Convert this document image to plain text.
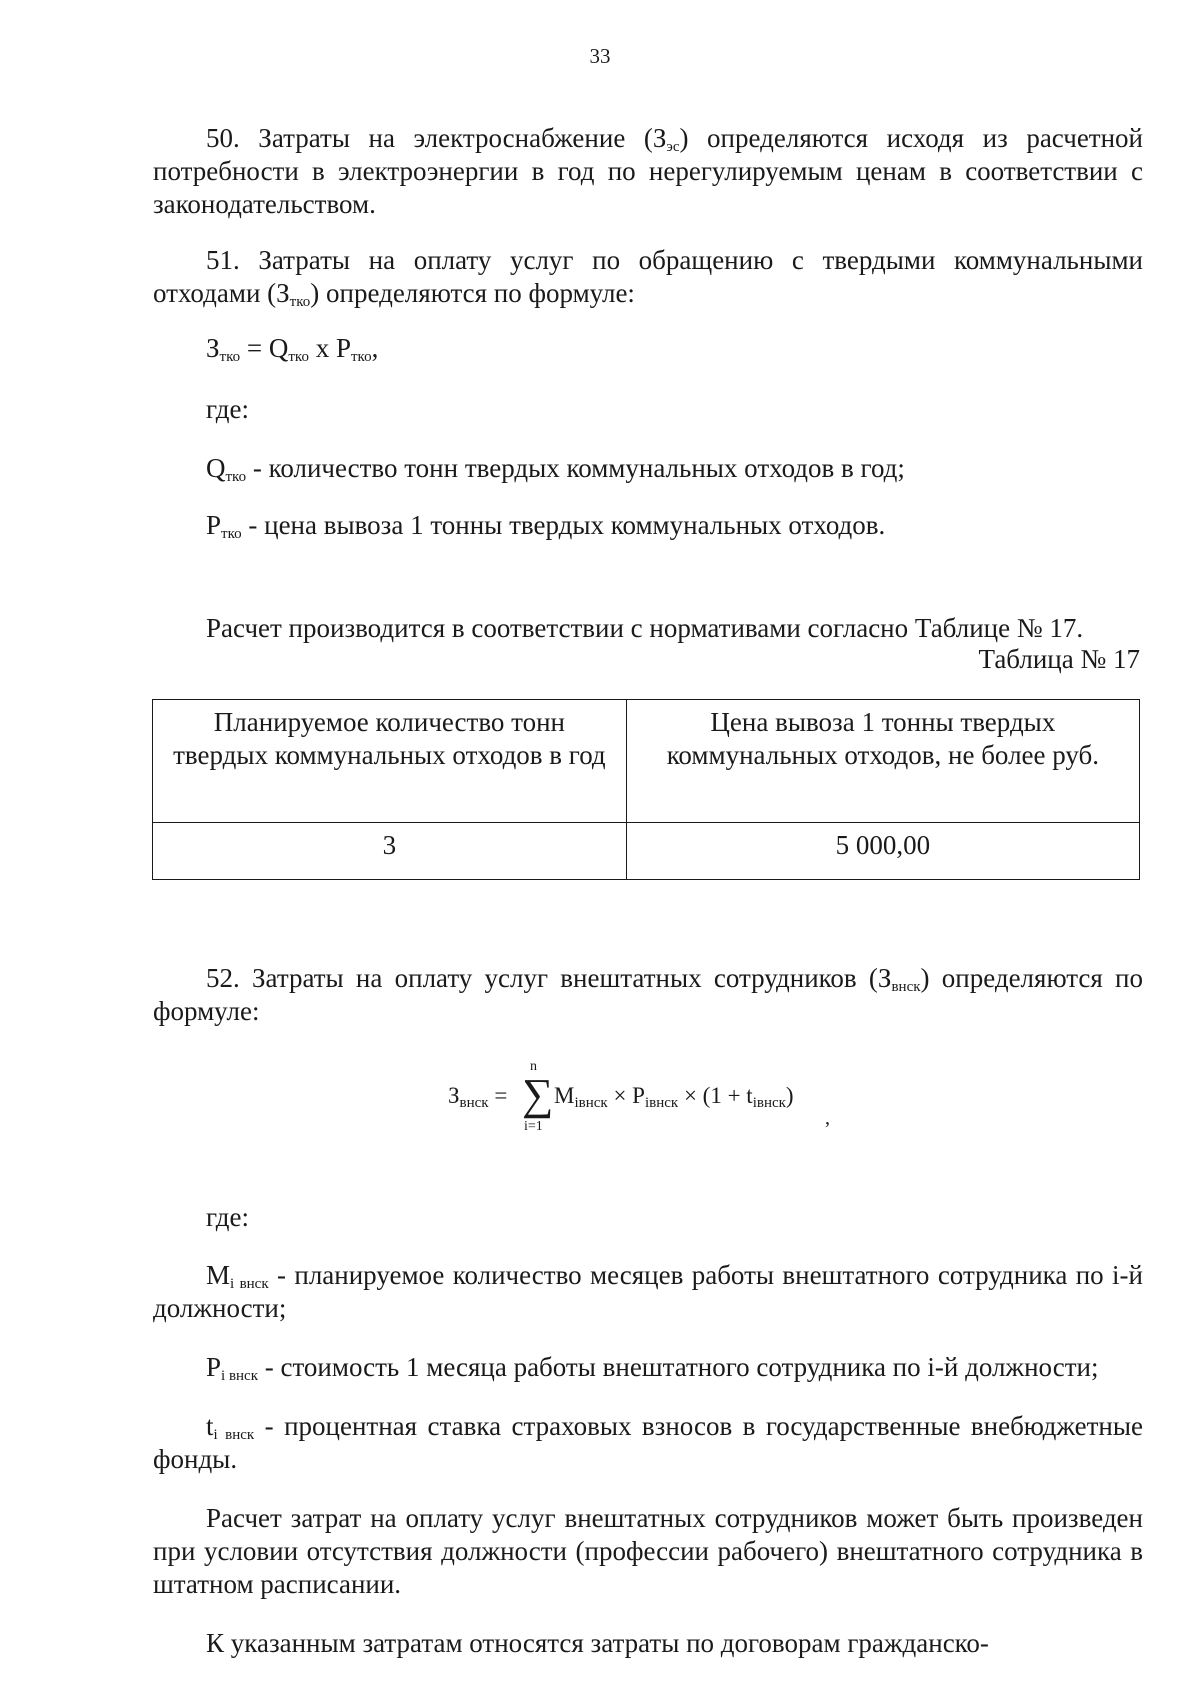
33
50. Затраты на электроснабжение $(З_{эс})$ определяются исходя из расчетной потребности в электроэнергии в год по нерегулируемым ценам в соответствии с законодательством.
51. Затраты на оплату услуг по обращению с твердыми коммунальными отходами $(З_{тко})$ определяются по формуле:
$З_{тко} = Q_{тко}$ х $P_{тко}$,
где:
$Q_{тко}$ - количество тонн твердых коммунальных отходов в год;
$P_{тко}$ - цена вывоза 1 тонны твердых коммунальных отходов.
Расчет производится в соответствии с нормативами согласно Таблице № 17.
Таблица № 17
Планируемое количество тонн твердых коммунальных отходов в год	Цена вывоза 1 тонны твердых коммунальных отходов, не более руб.
3	5 000,00
52. Затраты на оплату услуг внештатных сотрудников $(З_{внск})$ определяются по формуле:
$З_{внск}$ =
n
∑
i=1
$M_{iвнск} \times P_{iвнск} \times (1 + t_{iвнск})$
,
где:
$M_{i внск}$ - планируемое количество месяцев работы внештатного сотрудника по i-й должности;
$P_{i внск}$ - стоимость 1 месяца работы внештатного сотрудника по i-й должности;
$t_{i внск}$ - процентная ставка страховых взносов в государственные внебюджетные фонды.
Расчет затрат на оплату услуг внештатных сотрудников может быть произведен при условии отсутствия должности (профессии рабочего) внештатного сотрудника в штатном расписании.
К указанным затратам относятся затраты по договорам гражданско-
